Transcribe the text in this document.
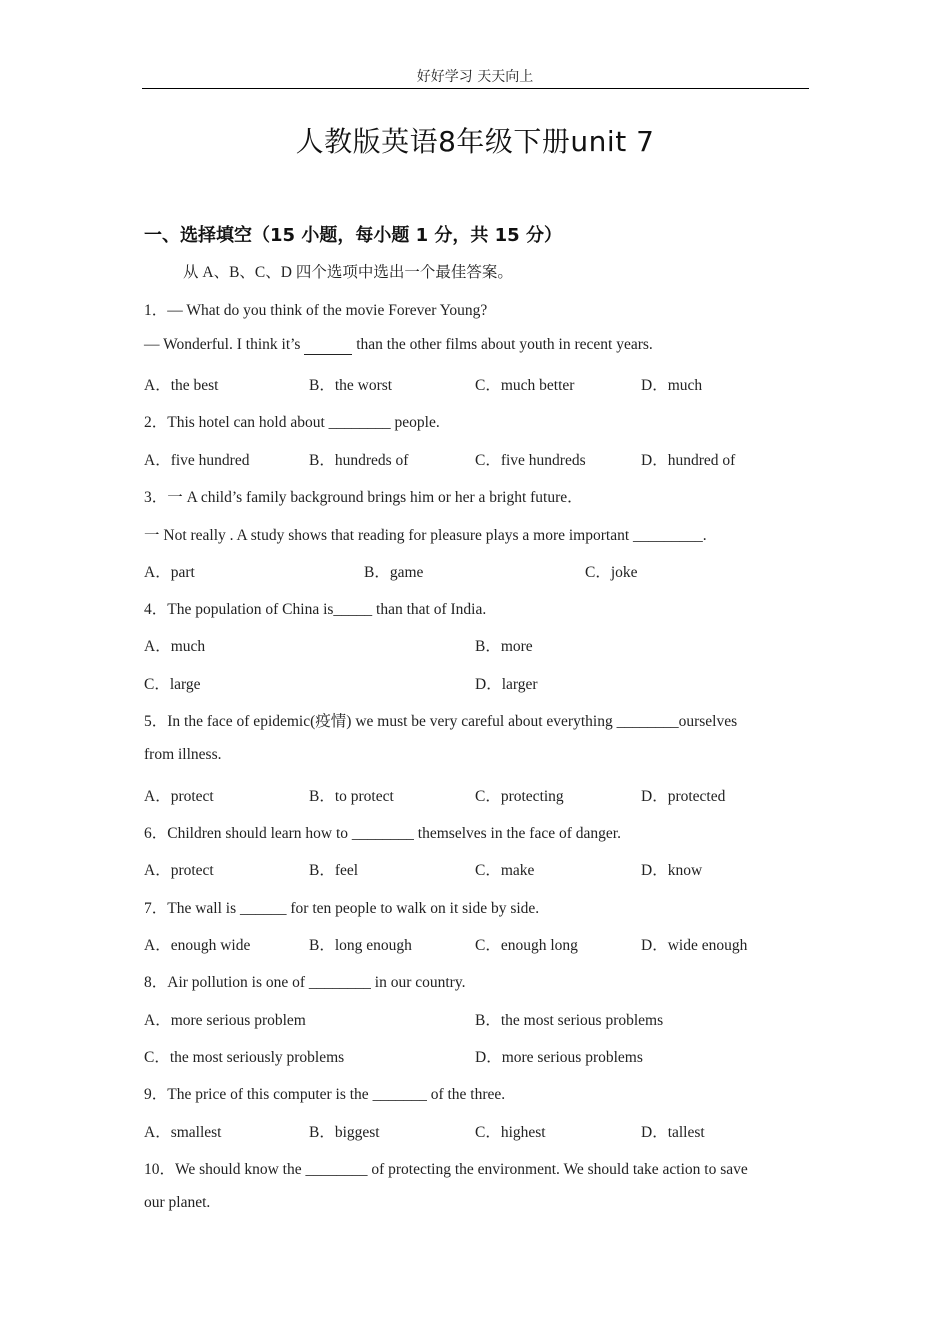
好好学习 天天向上
人教版英语8年级下册unit 7
一、选择填空（15 小题，每小题 1 分，共 15 分）
从 A、B、C、D 四个选项中选出一个最佳答案。
1．— What do you think of the movie Forever Young?
— Wonderful. I think it’s	than the other films about youth in recent years.
A．the best	B．the worst	C．much better	D．much
2．This hotel can hold about ________ people.
A．five hundred	B．hundreds of	C．five hundreds	D．hundred of
3．一 A child’s family background brings him or her a bright future．
一 Not really . A study shows that reading for pleasure plays a more important _________.
A．part	B．game	C．joke
4．The population of China is_____ than that of India.
A．much	B．more
C．large	D．larger
5．In the face of epidemic(疫情) we must be very careful about everything ________ourselves
from illness.
A．protect	B．to protect	C．protecting	D．protected
6．Children should learn how to ________ themselves in the face of danger.
A．protect	B．feel	C．make	D．know
7．The wall is ______ for ten people to walk on it side by side.
A．enough wide	B．long enough	C．enough long	D．wide enough
8．Air pollution is one of ________ in our country.
A．more serious problem	B．the most serious problems
C．the most seriously problems	D．more serious problems
9．The price of this computer is the _______ of the three.
A．smallest	B．biggest	C．highest	D．tallest
10．We should know the ________ of protecting the environment. We should take action to save
our planet.
